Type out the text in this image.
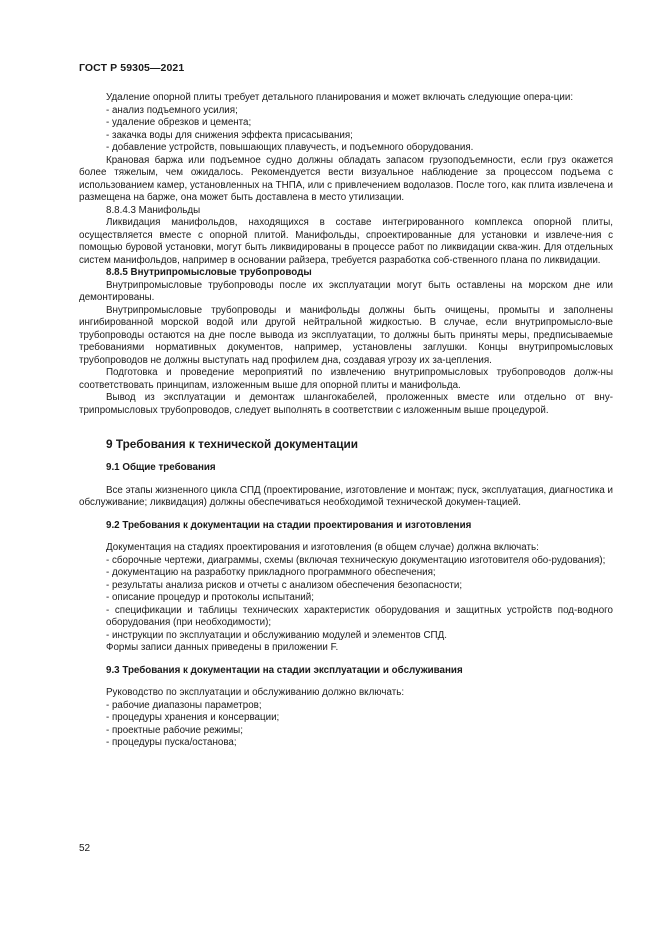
ГОСТ Р 59305—2021

Удаление опорной плиты требует детального планирования и может включать следующие опера-ции:

- анализ подъемного усилия;

- удаление обрезков и цемента;

- закачка воды для снижения эффекта присасывания;

- добавление устройств, повышающих плавучесть, и подъемного оборудования.

Крановая баржа или подъемное судно должны обладать запасом грузоподъемности, если груз окажется более тяжелым, чем ожидалось. Рекомендуется вести визуальное наблюдение за процессом подъема с использованием камер, установленных на ТНПА, или с привлечением водолазов. После того, как плита извлечена и размещена на барже, она может быть доставлена в место утилизации.

8.8.4.3 Манифольды

Ликвидация манифольдов, находящихся в составе интегрированного комплекса опорной плиты, осуществляется вместе с опорной плитой. Манифольды, спроектированные для установки и извлече-ния с помощью буровой установки, могут быть ликвидированы в процессе работ по ликвидации сква-жин. Для отдельных систем манифольдов, например в основании райзера, требуется разработка соб-ственного плана по ликвидации.

8.8.5 Внутрипромысловые трубопроводы

Внутрипромысловые трубопроводы после их эксплуатации могут быть оставлены на морском дне или демонтированы.

Внутрипромысловые трубопроводы и манифольды должны быть очищены, промыты и заполнены ингибированной морской водой или другой нейтральной жидкостью. В случае, если внутрипромысло-вые трубопроводы остаются на дне после вывода из эксплуатации, то должны быть приняты меры, предписываемые требованиями нормативных документов, например, установлены заглушки. Концы внутрипромысловых трубопроводов не должны выступать над профилем дна, создавая угрозу их за-цепления.

Подготовка и проведение мероприятий по извлечению внутрипромысловых трубопроводов долж-ны соответствовать принципам, изложенным выше для опорной плиты и манифольда.

Вывод из эксплуатации и демонтаж шлангокабелей, проложенных вместе или отдельно от вну-трипромысловых трубопроводов, следует выполнять в соответствии с изложенным выше процедурой.

9 Требования к технической документации

9.1 Общие требования

Все этапы жизненного цикла СПД (проектирование, изготовление и монтаж; пуск, эксплуатация, диагностика и обслуживание; ликвидация) должны обеспечиваться необходимой технической докумен-тацией.

9.2 Требования к документации на стадии проектирования и изготовления

Документация на стадиях проектирования и изготовления (в общем случае) должна включать:

- сборочные чертежи, диаграммы, схемы (включая техническую документацию изготовителя обо-рудования);

- документацию на разработку прикладного программного обеспечения;

- результаты анализа рисков и отчеты с анализом обеспечения безопасности;

- описание процедур и протоколы испытаний;

- спецификации и таблицы технических характеристик оборудования и защитных устройств под-водного оборудования (при необходимости);

- инструкции по эксплуатации и обслуживанию модулей и элементов СПД.

Формы записи данных приведены в приложении F.

9.3 Требования к документации на стадии эксплуатации и обслуживания

Руководство по эксплуатации и обслуживанию должно включать:

- рабочие диапазоны параметров;

- процедуры хранения и консервации;

- проектные рабочие режимы;

- процедуры пуска/останова;

52
